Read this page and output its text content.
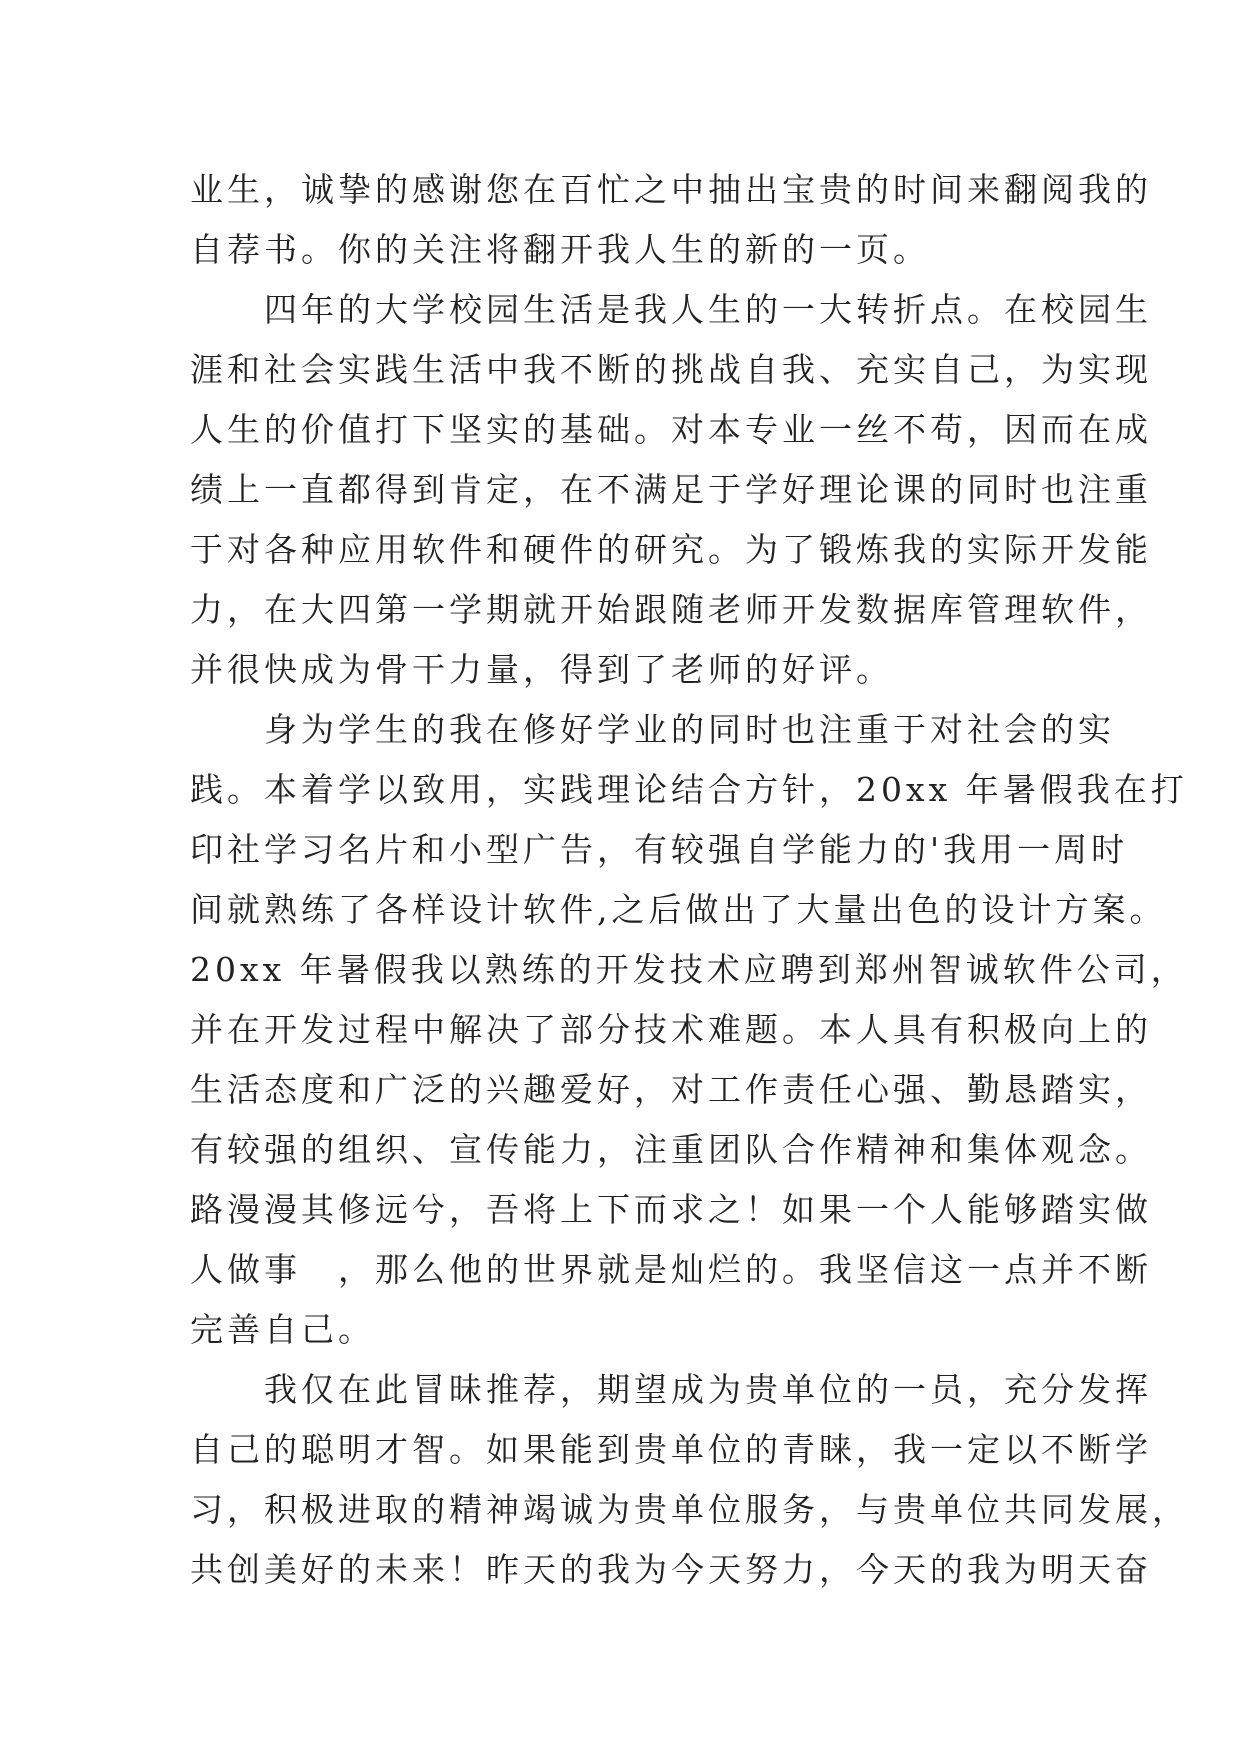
业生，诚挚的感谢您在百忙之中抽出宝贵的时间来翻阅我的
自荐书。你的关注将翻开我人生的新的一页。
　　四年的大学校园生活是我人生的一大转折点。在校园生
涯和社会实践生活中我不断的挑战自我、充实自己，为实现
人生的价值打下坚实的基础。对本专业一丝不苟，因而在成
绩上一直都得到肯定，在不满足于学好理论课的同时也注重
于对各种应用软件和硬件的研究。为了锻炼我的实际开发能
力，在大四第一学期就开始跟随老师开发数据库管理软件，
并很快成为骨干力量，得到了老师的好评。
　　身为学生的我在修好学业的同时也注重于对社会的实
践。本着学以致用，实践理论结合方针，20xx 年暑假我在打
印社学习名片和小型广告，有较强自学能力的'我用一周时
间就熟练了各样设计软件,之后做出了大量出色的设计方案。
20xx 年暑假我以熟练的开发技术应聘到郑州智诚软件公司，
并在开发过程中解决了部分技术难题。本人具有积极向上的
生活态度和广泛的兴趣爱好，对工作责任心强、勤恳踏实，
有较强的组织、宣传能力，注重团队合作精神和集体观念。
路漫漫其修远兮，吾将上下而求之！如果一个人能够踏实做
人做事　，那么他的世界就是灿烂的。我坚信这一点并不断
完善自己。
　　我仅在此冒昧推荐，期望成为贵单位的一员，充分发挥
自己的聪明才智。如果能到贵单位的青睐，我一定以不断学
习，积极进取的精神竭诚为贵单位服务，与贵单位共同发展，
共创美好的未来！昨天的我为今天努力，今天的我为明天奋
